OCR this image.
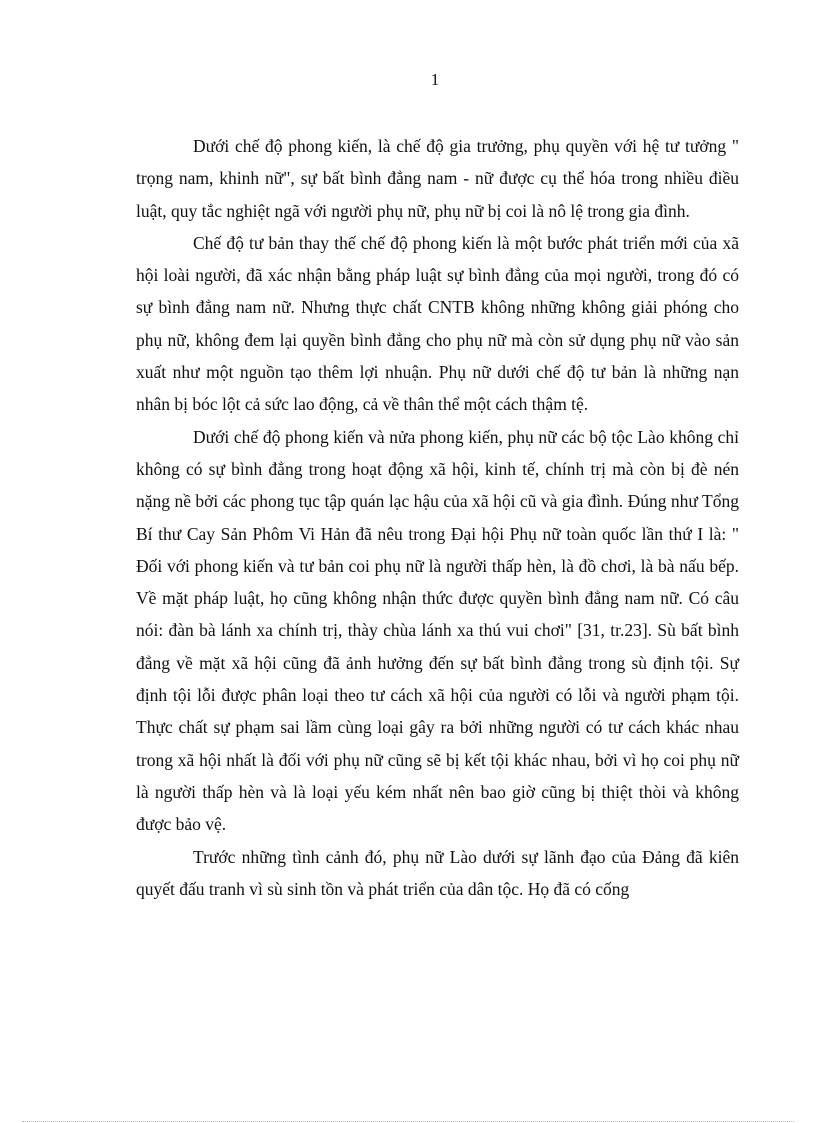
1

Dưới chế độ phong kiến, là chế độ gia trưởng, phụ quyền với hệ tư tưởng " trọng nam, khinh nữ", sự bất bình đẳng nam - nữ được cụ thể hóa trong nhiều điều luật, quy tắc nghiệt ngã với người phụ nữ, phụ nữ bị coi là nô lệ trong gia đình.

Chế độ tư bản thay thế chế độ phong kiến là một bước phát triển mới của xã hội loài người, đã xác nhận bằng pháp luật sự bình đẳng của mọi người, trong đó có sự bình đẳng nam nữ. Nhưng thực chất CNTB không những không giải phóng cho phụ nữ, không đem lại quyền bình đẳng cho phụ nữ mà còn sử dụng phụ nữ vào sản xuất như một nguồn tạo thêm lợi nhuận. Phụ nữ dưới chế độ tư bản là những nạn nhân bị bóc lột cả sức lao động, cả về thân thể một cách thậm tệ.

Dưới chế độ phong kiến và nửa phong kiến, phụ nữ các bộ tộc Lào không chỉ không có sự bình đẳng trong hoạt động xã hội, kinh tế, chính trị mà còn bị đè nén nặng nề bởi các phong tục tập quán lạc hậu của xã hội cũ và gia đình. Đúng như Tổng Bí thư Cay Sản Phôm Vi Hản đã nêu trong Đại hội Phụ nữ toàn quốc lần thứ I là: " Đối với phong kiến và tư bản coi phụ nữ là người thấp hèn, là đồ chơi, là bà nấu bếp. Về mặt pháp luật, họ cũng không nhận thức được quyền bình đẳng nam nữ. Có câu nói: đàn bà lánh xa chính trị, thày chùa lánh xa thú vui chơi" [31, tr.23]. Sù bất bình đẳng về mặt xã hội cũng đã ảnh hưởng đến sự bất bình đẳng trong sù định tội. Sự định tội lỗi được phân loại theo tư cách xã hội của người có lỗi và người phạm tội. Thực chất sự phạm sai lầm cùng loại gây ra bởi những người có tư cách khác nhau trong xã hội nhất là đối với phụ nữ cũng sẽ bị kết tội khác nhau, bởi vì họ coi phụ nữ là người thấp hèn và là loại yếu kém nhất nên bao giờ cũng bị thiệt thòi và không được bảo vệ.

Trước những tình cảnh đó, phụ nữ Lào dưới sự lãnh đạo của Đảng đã kiên quyết đấu tranh vì sù sinh tồn và phát triển của dân tộc. Họ đã có cống
